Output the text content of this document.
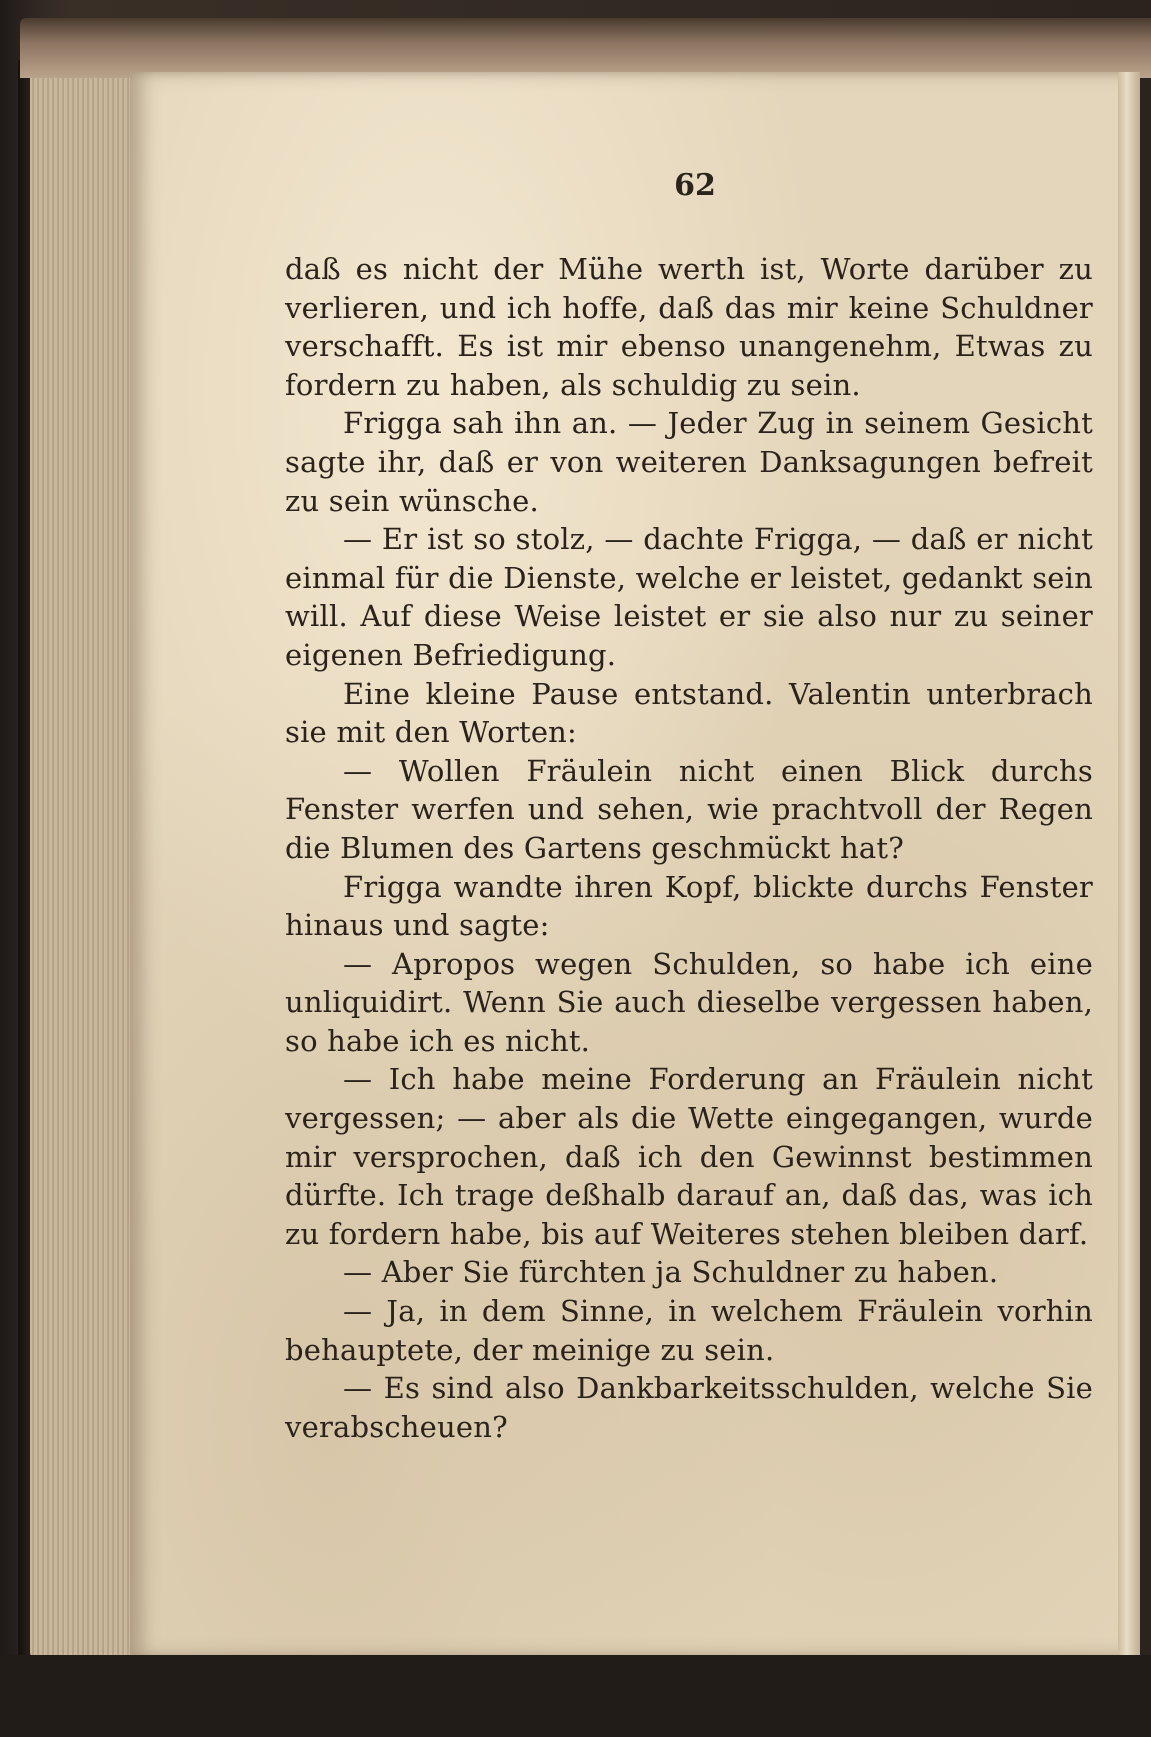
62

daß es nicht der Mühe werth ist, Worte darüber zu verlieren, und ich hoffe, daß das mir keine Schuldner verschafft. Es ist mir ebenso unangenehm, Etwas zu fordern zu haben, als schuldig zu sein.

Frigga sah ihn an. — Jeder Zug in seinem Gesicht sagte ihr, daß er von weiteren Danksagungen befreit zu sein wünsche.

— Er ist so stolz, — dachte Frigga, — daß er nicht einmal für die Dienste, welche er leistet, gedankt sein will. Auf diese Weise leistet er sie also nur zu seiner eigenen Befriedigung.

Eine kleine Pause entstand. Valentin unterbrach sie mit den Worten:

— Wollen Fräulein nicht einen Blick durchs Fenster werfen und sehen, wie prachtvoll der Regen die Blumen des Gartens geschmückt hat?

Frigga wandte ihren Kopf, blickte durchs Fenster hinaus und sagte:

— Apropos wegen Schulden, so habe ich eine unliquidirt. Wenn Sie auch dieselbe vergessen haben, so habe ich es nicht.

— Ich habe meine Forderung an Fräulein nicht vergessen; — aber als die Wette eingegangen, wurde mir versprochen, daß ich den Gewinnst bestimmen dürfte. Ich trage deßhalb darauf an, daß das, was ich zu fordern habe, bis auf Weiteres stehen bleiben darf.

— Aber Sie fürchten ja Schuldner zu haben.

— Ja, in dem Sinne, in welchem Fräulein vorhin behauptete, der meinige zu sein.

— Es sind also Dankbarkeitsschulden, welche Sie verabscheuen?
